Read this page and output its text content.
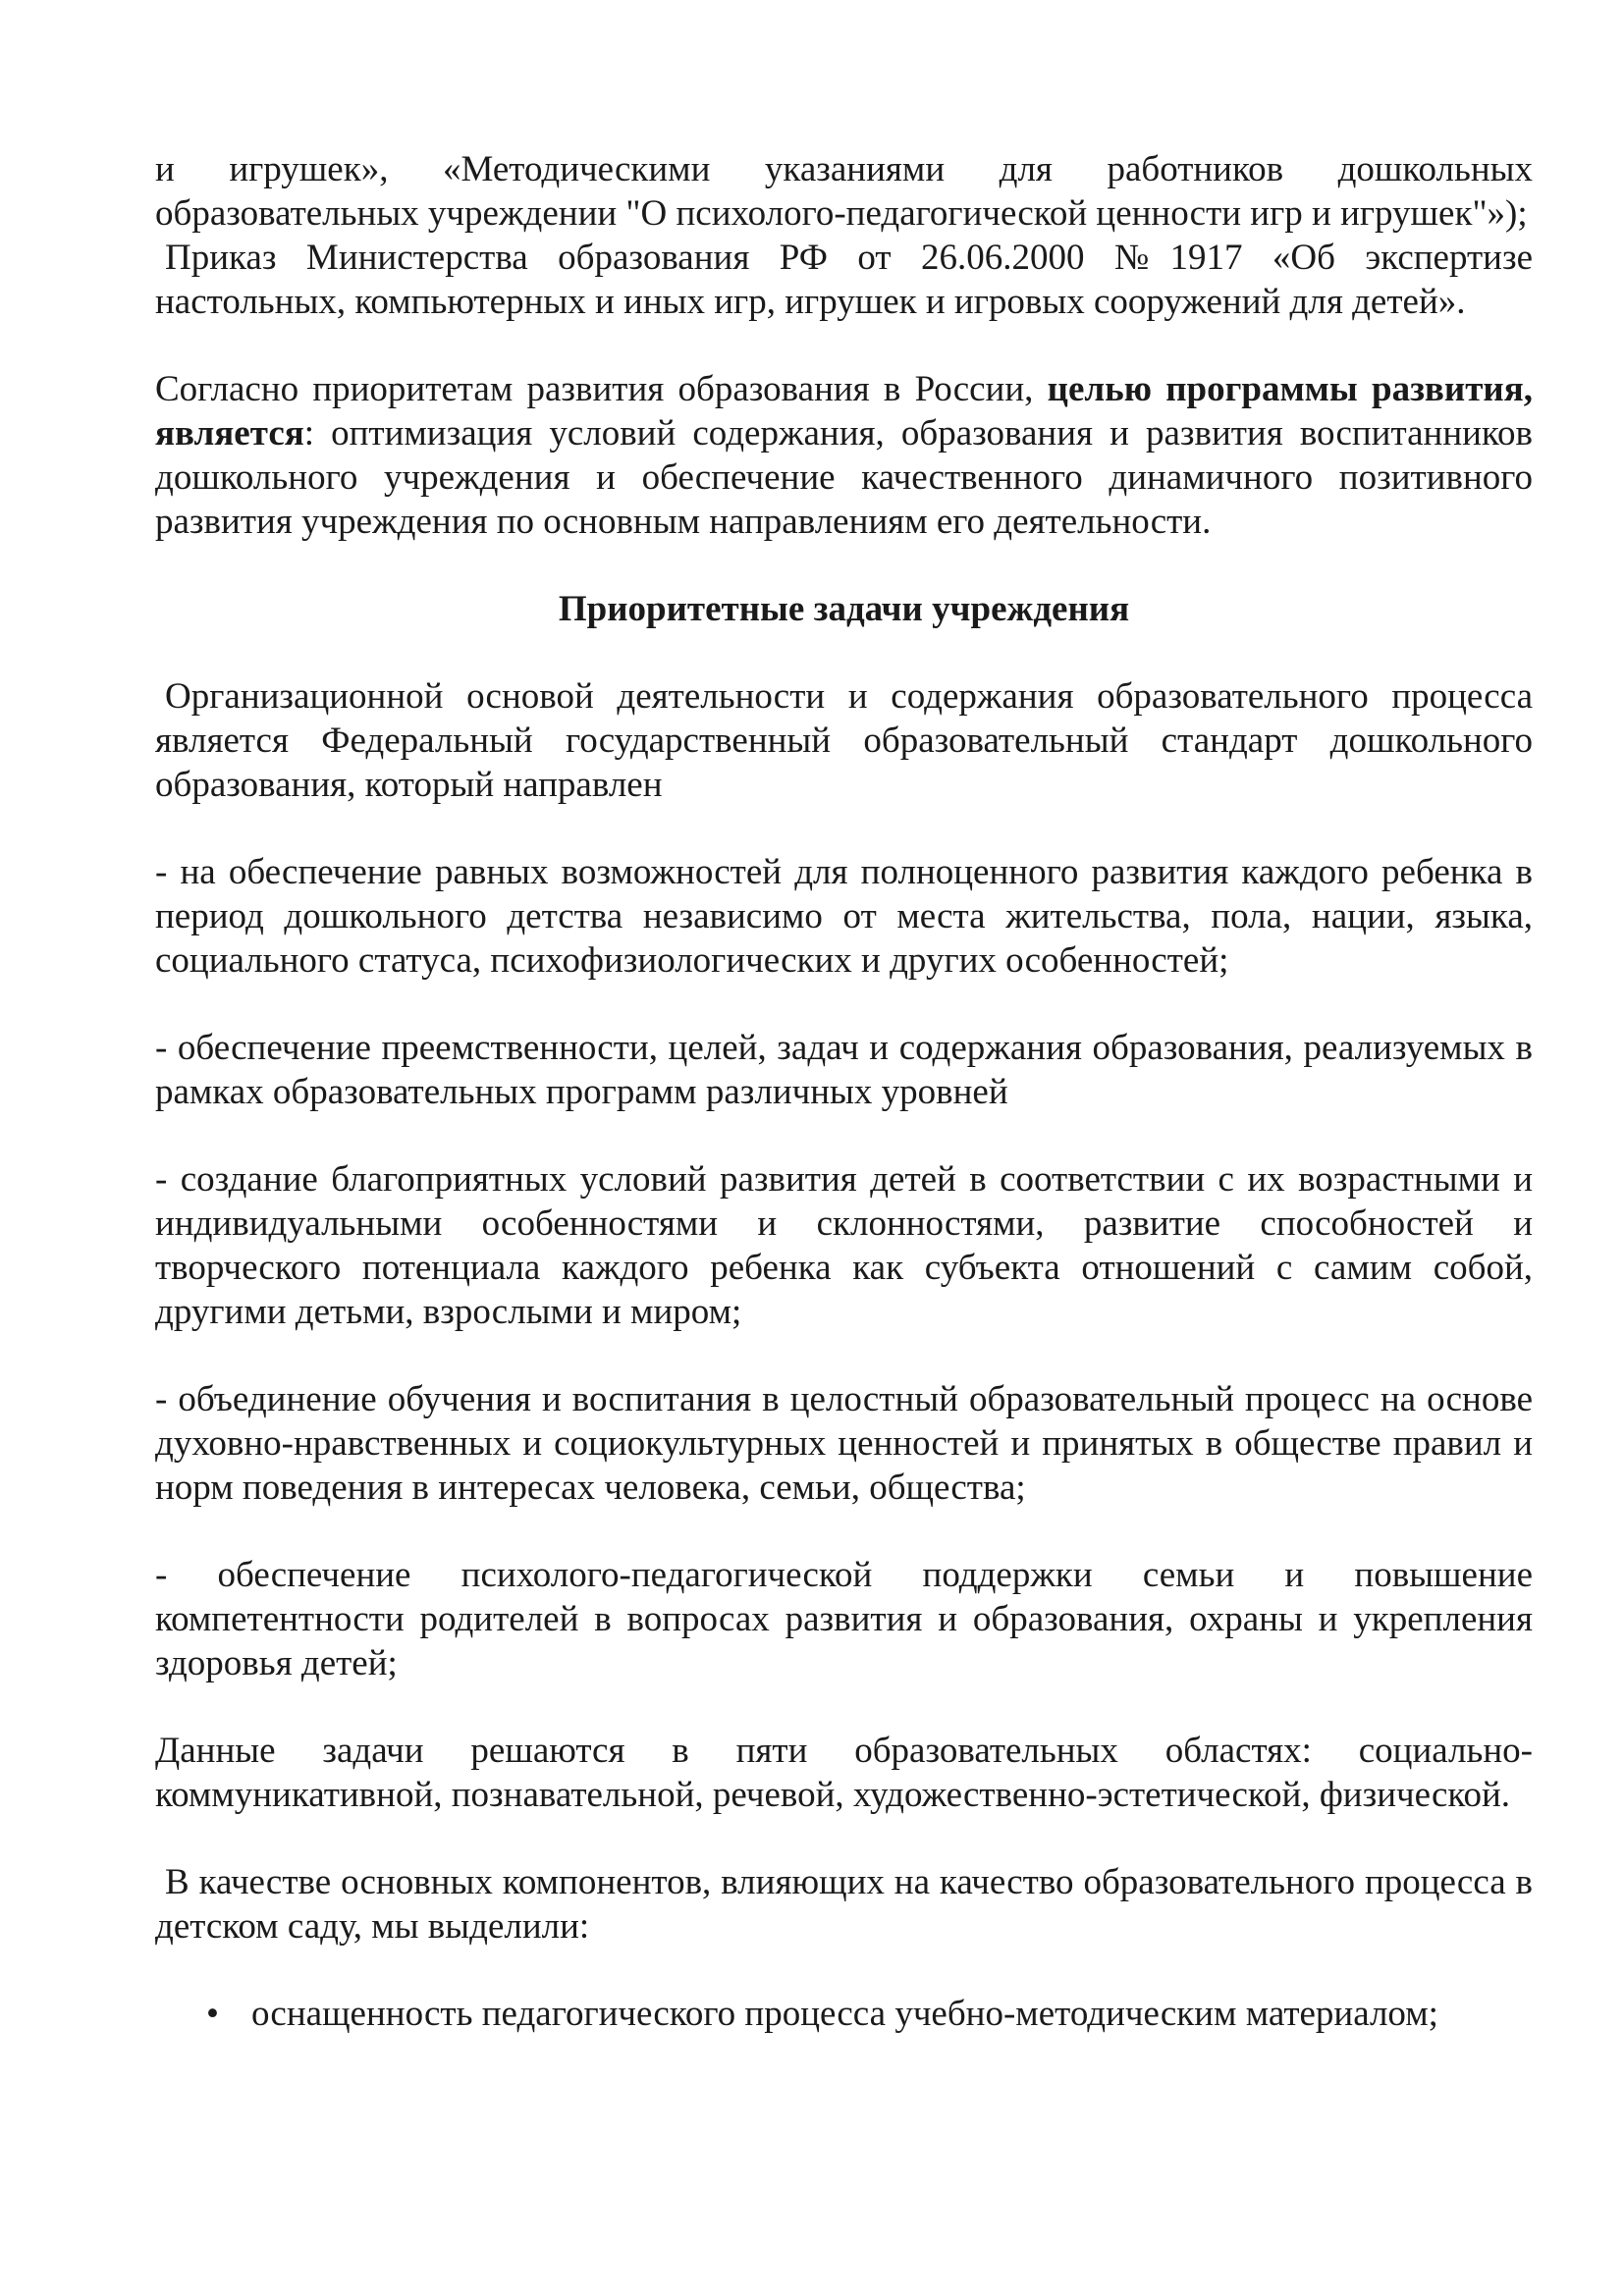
и игрушек», «Методическими указаниями для работников дошкольных образовательных учреждении "О психолого-педагогической ценности игр и игрушек"»);

Приказ Министерства образования РФ от 26.06.2000 №1917 «Об экспертизе настольных, компьютерных и иных игр, игрушек и игровых сооружений для детей».

Согласно приоритетам развития образования в России, целью программы развития, является: оптимизация условий содержания, образования и развития воспитанников дошкольного учреждения и обеспечение качественного динамичного позитивного развития учреждения по основным направлениям его деятельности.

Приоритетные задачи учреждения

Организационной основой деятельности и содержания образовательного процесса является Федеральный государственный образовательный стандарт дошкольного образования, который направлен

- на обеспечение равных возможностей для полноценного развития каждого ребенка в период дошкольного детства независимо от места жительства, пола, нации, языка, социального статуса, психофизиологических и других особенностей;

- обеспечение преемственности, целей, задач и содержания образования, реализуемых в рамках образовательных программ различных уровней

- создание благоприятных условий развития детей в соответствии с их возрастными и индивидуальными особенностями и склонностями, развитие способностей и творческого потенциала каждого ребенка как субъекта отношений с самим собой, другими детьми, взрослыми и миром;

- объединение обучения и воспитания в целостный образовательный процесс на основе духовно-нравственных и социокультурных ценностей и принятых в обществе правил и норм поведения в интересах человека, семьи, общества;

- обеспечение психолого-педагогической поддержки семьи и повышение компетентности родителей в вопросах развития и образования, охраны и укрепления здоровья детей;

Данные задачи решаются в пяти образовательных областях: социально-коммуникативной, познавательной, речевой, художественно-эстетической, физической.

В качестве основных компонентов, влияющих на качество образовательного процесса в детском саду, мы выделили:

• оснащенность педагогического процесса учебно-методическим материалом;
